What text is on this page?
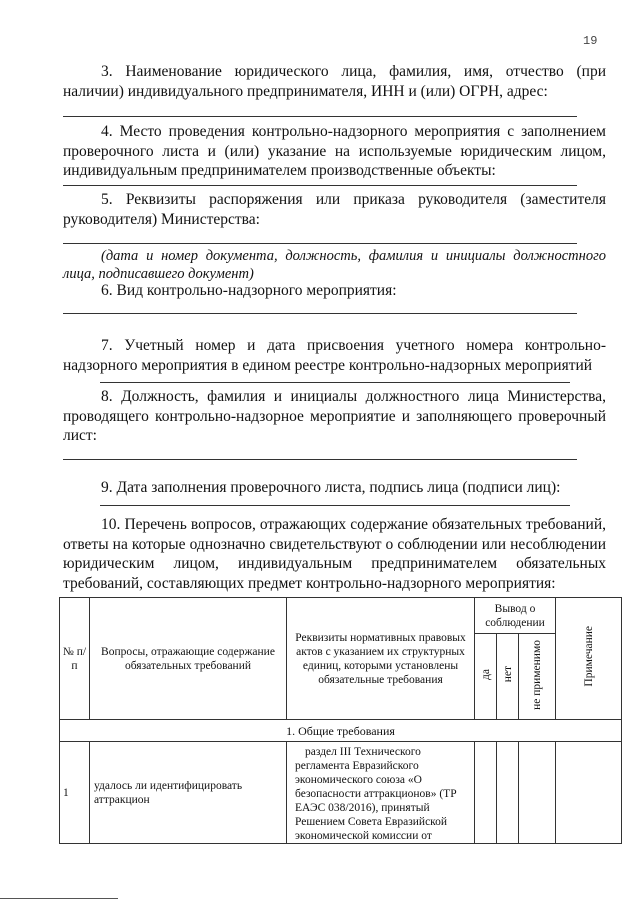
19
3. Наименование юридического лица, фамилия, имя, отчество (при наличии) индивидуального предпринимателя, ИНН и (или) ОГРН, адрес:
4. Место проведения контрольно-надзорного мероприятия с заполнением проверочного листа и (или) указание на используемые юридическим лицом, индивидуальным предпринимателем производственные объекты:
5. Реквизиты распоряжения или приказа руководителя (заместителя руководителя) Министерства:
(дата и номер документа, должность, фамилия и инициалы должностного лица, подписавшего документ)
6. Вид контрольно-надзорного мероприятия:
7. Учетный номер и дата присвоения учетного номера контрольно-надзорного мероприятия в едином реестре контрольно-надзорных мероприятий
8. Должность, фамилия и инициалы должностного лица Министерства, проводящего контрольно-надзорное мероприятие и заполняющего проверочный лист:
9. Дата заполнения проверочного листа, подпись лица (подписи лиц):
10. Перечень вопросов, отражающих содержание обязательных требований, ответы на которые однозначно свидетельствуют о соблюдении или несоблюдении юридическим лицом, индивидуальным предпринимателем обязательных требований, составляющих предмет контрольно-надзорного мероприятия:
№ п/п	Вопросы, отражающие содержание обязательных требований	Реквизиты нормативных правовых актов с указанием их структурных единиц, которыми установлены обязательные требования	Вывод о соблюдении			Примечание
			да	нет	не применимо	
1. Общие требования						
1	удалось ли идентифицировать аттракцион	раздел III Технического регламента Евразийского экономического союза «О безопасности аттракционов» (ТР ЕАЭС 038/2016), принятый Решением Совета Евразийской экономической комиссии от				
